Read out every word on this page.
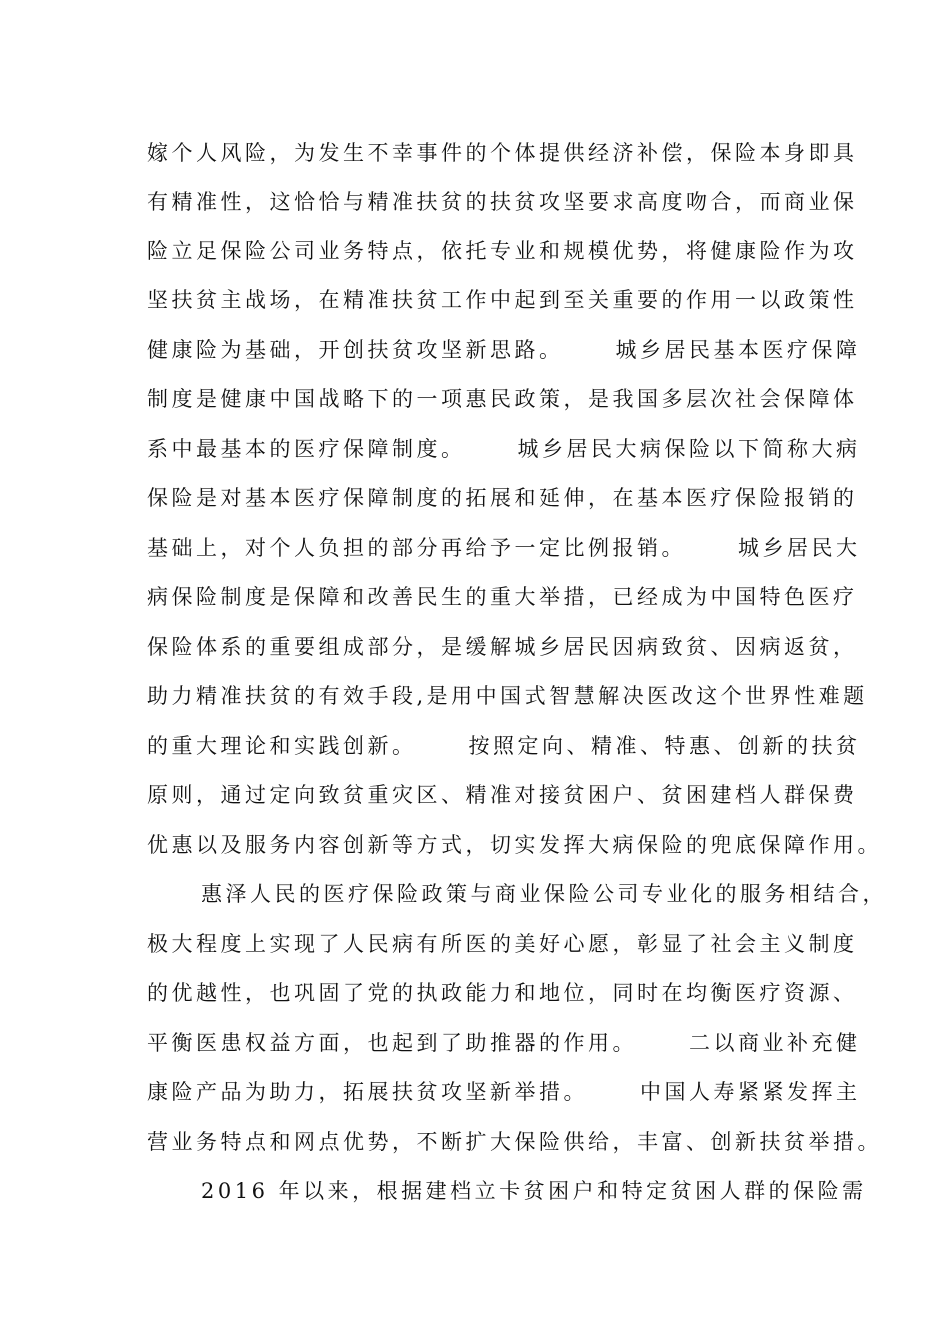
嫁个人风险，为发生不幸事件的个体提供经济补偿，保险本身即具
有精准性，这恰恰与精准扶贫的扶贫攻坚要求高度吻合，而商业保
险立足保险公司业务特点，依托专业和规模优势，将健康险作为攻
坚扶贫主战场，在精准扶贫工作中起到至关重要的作用一以政策性
健康险为基础，开创扶贫攻坚新思路。 城乡居民基本医疗保障
制度是健康中国战略下的一项惠民政策，是我国多层次社会保障体
系中最基本的医疗保障制度。 城乡居民大病保险以下简称大病
保险是对基本医疗保障制度的拓展和延伸，在基本医疗保险报销的
基础上，对个人负担的部分再给予一定比例报销。 城乡居民大
病保险制度是保障和改善民生的重大举措，已经成为中国特色医疗
保险体系的重要组成部分，是缓解城乡居民因病致贫、因病返贫，
助力精准扶贫的有效手段,是用中国式智慧解决医改这个世界性难题
的重大理论和实践创新。 按照定向、精准、特惠、创新的扶贫
原则，通过定向致贫重灾区、精准对接贫困户、贫困建档人群保费
优惠以及服务内容创新等方式，切实发挥大病保险的兜底保障作用。
惠泽人民的医疗保险政策与商业保险公司专业化的服务相结合，
极大程度上实现了人民病有所医的美好心愿，彰显了社会主义制度
的优越性，也巩固了党的执政能力和地位，同时在均衡医疗资源、
平衡医患权益方面，也起到了助推器的作用。 二以商业补充健
康险产品为助力，拓展扶贫攻坚新举措。 中国人寿紧紧发挥主
营业务特点和网点优势，不断扩大保险供给，丰富、创新扶贫举措。
2016 年以来，根据建档立卡贫困户和特定贫困人群的保险需
